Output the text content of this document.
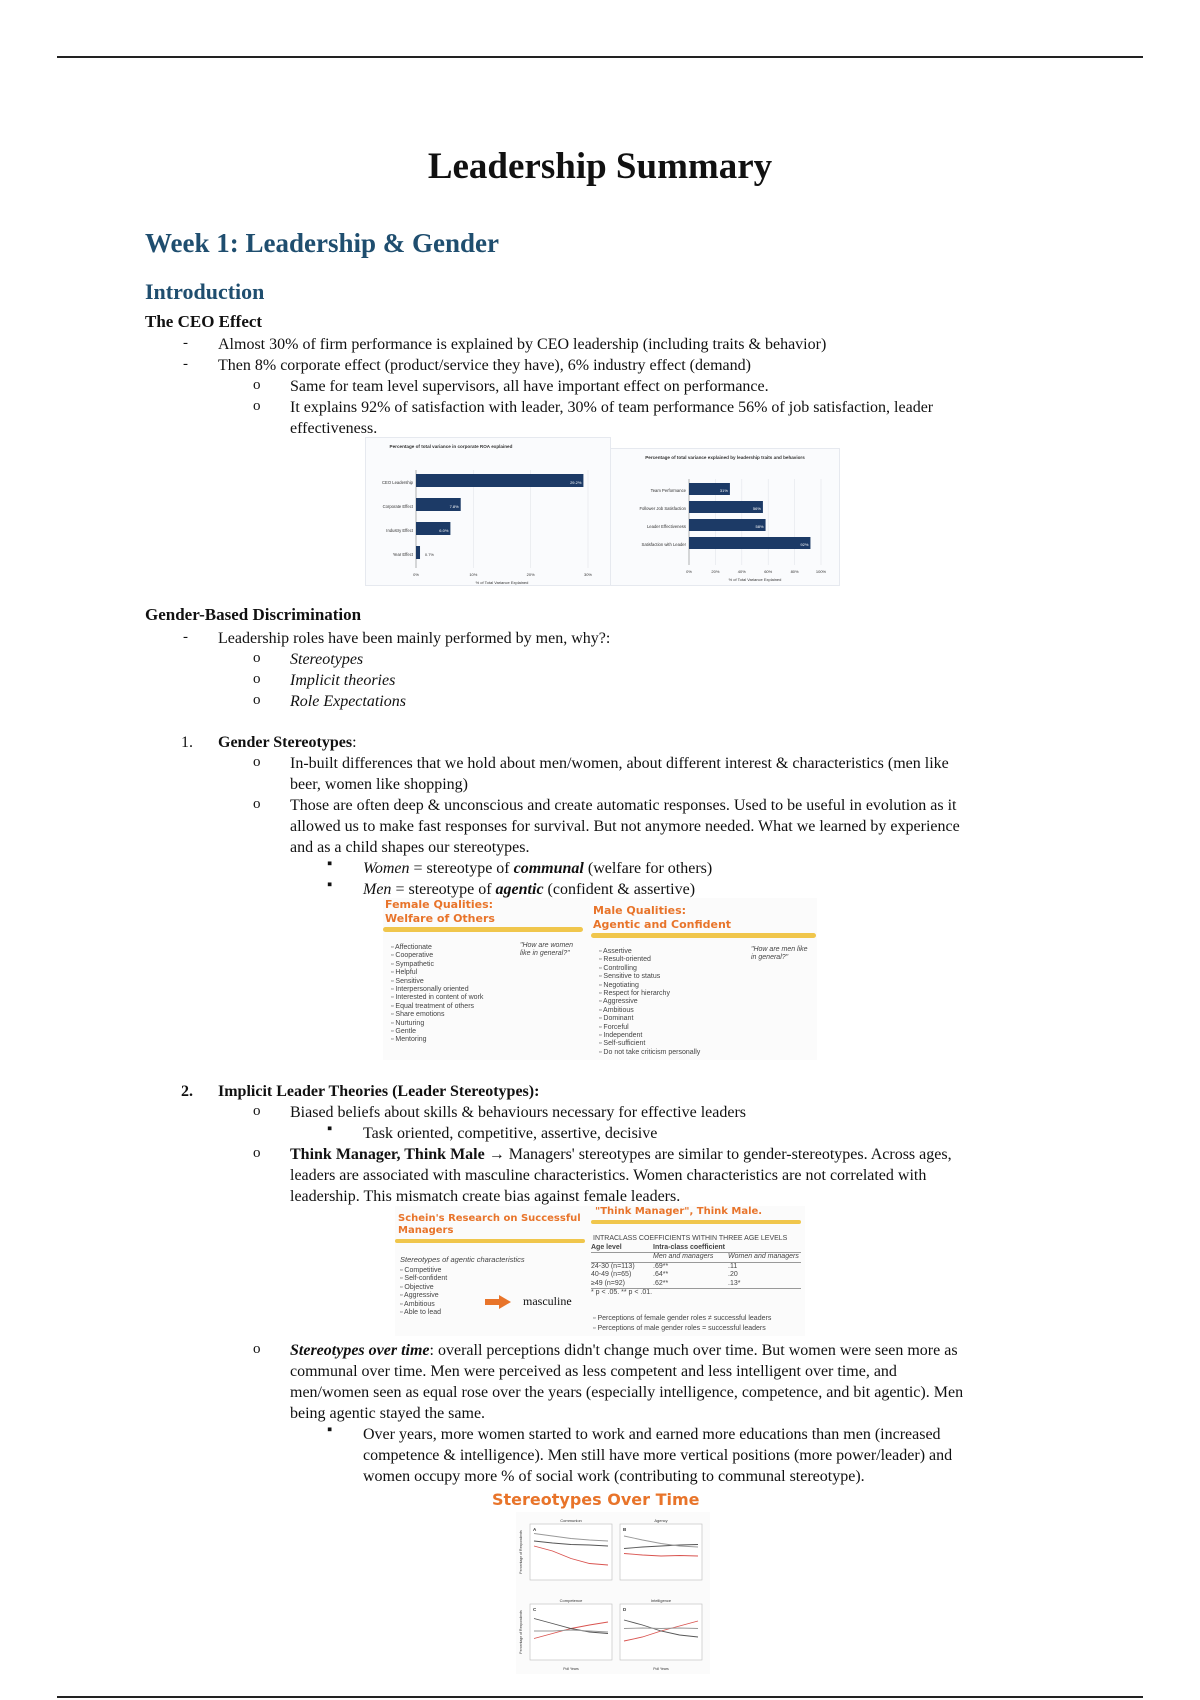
Leadership Summary
Week 1: Leadership & Gender
Introduction
The CEO Effect
- Almost 30% of firm performance is explained by CEO leadership (including traits & behavior)
- Then 8% corporate effect (product/service they have), 6% industry effect (demand)
o Same for team level supervisors, all have important effect on performance.
o It explains 92% of satisfaction with leader, 30% of team performance 56% of job satisfaction, leader
effectiveness.
Percentage of total variance in corporate ROA explained
0%	10%	20%	30%
% of Total Variance Explained
CEO Leadership	29.2%
Corporate Effect	7.8%
Industry Effect	6.0%
Year Effect	0.7%
Percentage of total variance explained by leadership traits and behaviors
0%	20%	40%	60%	80%	100%
% of Total Variance Explained
Team Performance	31%
Follower Job Satisfaction	56%
Leader Effectiveness	58%
Satisfaction with Leader	92%
Gender-Based Discrimination
- Leadership roles have been mainly performed by men, why?:
o Stereotypes
o Implicit theories
o Role Expectations
1. Gender Stereotypes:
o In-built differences that we hold about men/women, about different interest & characteristics (men like
beer, women like shopping)
o Those are often deep & unconscious and create automatic responses. Used to be useful in evolution as it
allowed us to make fast responses for survival. But not anymore needed. What we learned by experience
and as a child shapes our stereotypes.
▪ Women = stereotype of communal (welfare for others)
▪ Men = stereotype of agentic (confident & assertive)
Female Qualities:
Welfare of Others
Male Qualities:
Agentic and Confident
"How are women like in general?"
"How are men like in general?"
▫ Affectionate
▫ Cooperative
▫ Sympathetic
▫ Helpful
▫ Sensitive
▫ Interpersonally oriented
▫ Interested in content of work
▫ Equal treatment of others
▫ Share emotions
▫ Nurturing
▫ Gentle
▫ Mentoring
▫ Assertive
▫ Result-oriented
▫ Controlling
▫ Sensitive to status
▫ Negotiating
▫ Respect for hierarchy
▫ Aggressive
▫ Ambitious
▫ Dominant
▫ Forceful
▫ Independent
▫ Self-sufficient
▫ Do not take criticism personally
2. Implicit Leader Theories (Leader Stereotypes):
o Biased beliefs about skills & behaviours necessary for effective leaders
▪ Task oriented, competitive, assertive, decisive
o Think Manager, Think Male → Managers' stereotypes are similar to gender-stereotypes. Across ages,
leaders are associated with masculine characteristics. Women characteristics are not correlated with
leadership. This mismatch create bias against female leaders.
Schein's Research on Successful
Managers
"Think Manager", Think Male.
INTRACLASS COEFFICIENTS WITHIN THREE AGE LEVELS
Age level	Intra-class coefficient
Men and managers	Women and managers
24-30 (n=113)	.69**	.11
40-49 (n=65)	.64**	.20
≥49 (n=92)	.62**	.13*
* p < .05. ** p < .01.
Stereotypes of agentic characteristics
▫ Competitive
▫ Self-confident
▫ Objective
▫ Aggressive
▫ Ambitious
▫ Able to lead
masculine
▫ Perceptions of female gender roles ≠ successful leaders
▫ Perceptions of male gender roles = successful leaders
o Stereotypes over time: overall perceptions didn't change much over time. But women were seen more as
communal over time. Men were perceived as less competent and less intelligent over time, and
men/women seen as equal rose over the years (especially intelligence, competence, and bit agentic). Men
being agentic stayed the same.
▪ Over years, more women started to work and earned more educations than men (increased
competence & intelligence). Men still have more vertical positions (more power/leader) and
women occupy more % of social work (contributing to communal stereotype).
Stereotypes Over Time
Communion
A
Agency
B
Competence
C
Intelligence
D
Percentage of Respondents
Percentage of Respondents
Poll Years	Poll Years
